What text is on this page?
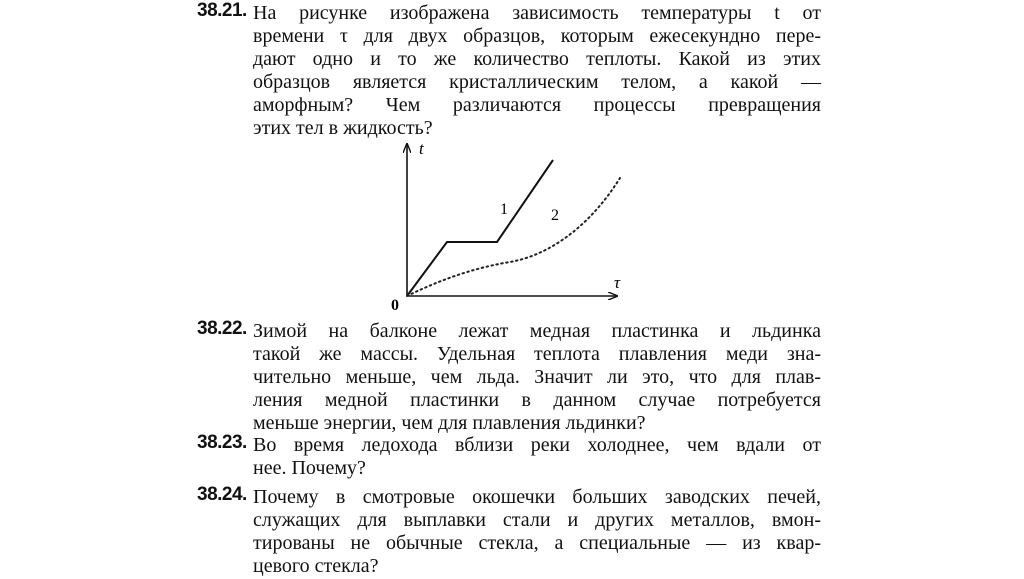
38.21. На рисунке изображена зависимость температуры t от
времени τ для двух образцов, которым ежесекундно пере-
дают одно и то же количество теплоты. Какой из этих
образцов является кристаллическим телом, а какой —
аморфным? Чем различаются процессы превращения
этих тел в жидкость?
t
τ
0
1	2
38.22. Зимой на балконе лежат медная пластинка и льдинка
такой же массы. Удельная теплота плавления меди зна-
чительно меньше, чем льда. Значит ли это, что для плав-
ления медной пластинки в данном случае потребуется
меньше энергии, чем для плавления льдинки?
38.23. Во время ледохода вблизи реки холоднее, чем вдали от
нее. Почему?
38.24. Почему в смотровые окошечки больших заводских печей,
служащих для выплавки стали и других металлов, вмон-
тированы не обычные стекла, а специальные — из квар-
цевого стекла?
